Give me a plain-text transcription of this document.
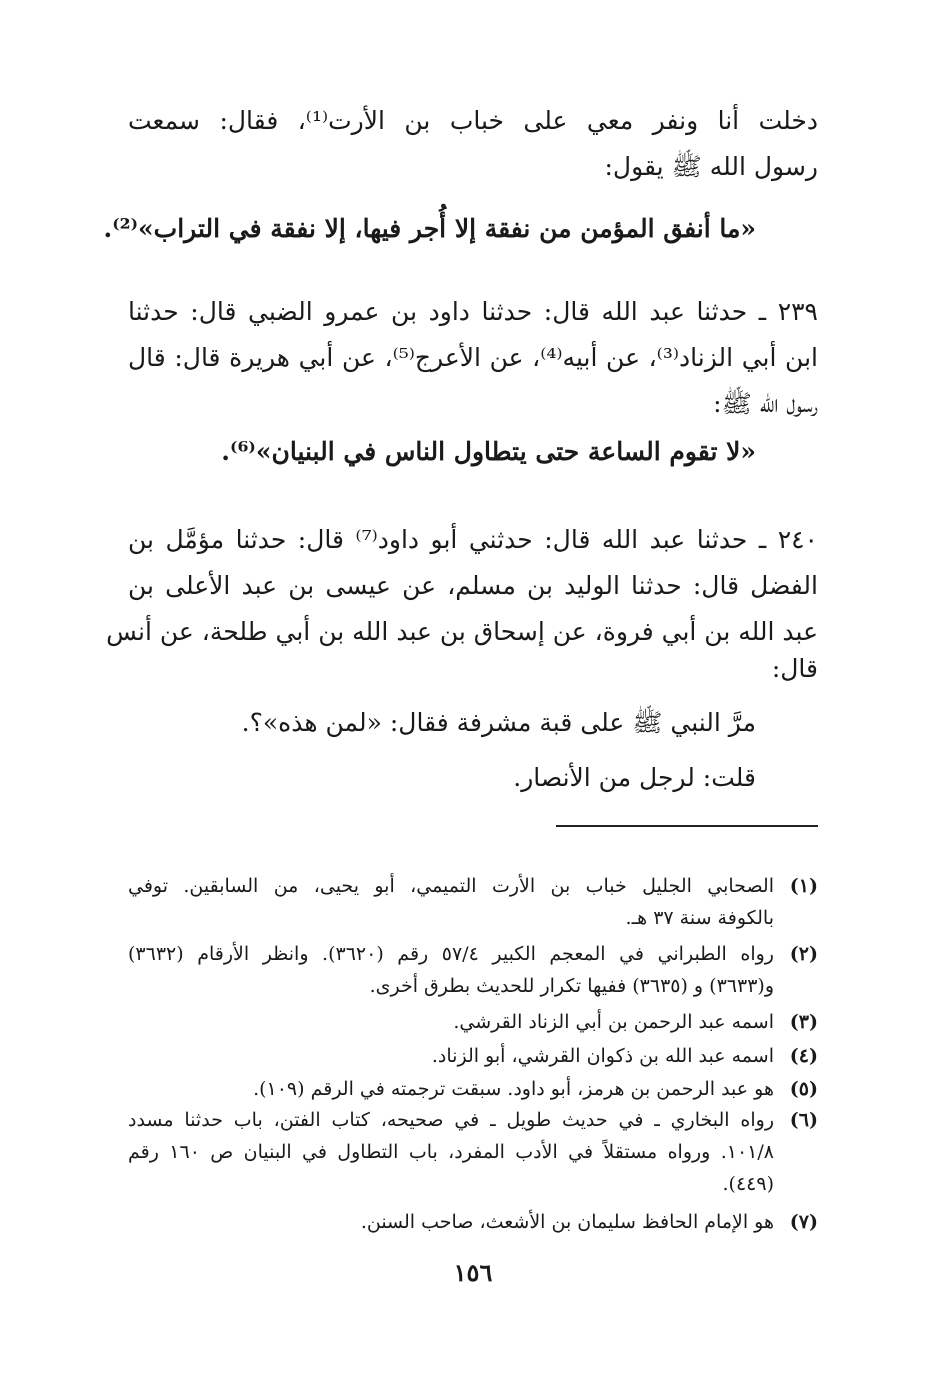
دخلت أنا ونفر معي على خباب بن الأرت⁽¹⁾، فقال: سمعت
رسول الله ﷺ يقول:
«ما أنفق المؤمن من نفقة إلا أُجر فيها، إلا نفقة في التراب»⁽²⁾.
٢٣٩ ـ حدثنا عبد الله قال: حدثنا داود بن عمرو الضبي قال: حدثنا
ابن أبي الزناد⁽³⁾، عن أبيه⁽⁴⁾، عن الأعرج⁽⁵⁾، عن أبي هريرة قال: قال
رسول الله ﷺ:
«لا تقوم الساعة حتى يتطاول الناس في البنيان»⁽⁶⁾.
٢٤٠ ـ حدثنا عبد الله قال: حدثني أبو داود⁽⁷⁾ قال: حدثنا مؤمَّل بن
الفضل قال: حدثنا الوليد بن مسلم، عن عيسى بن عبد الأعلى بن
عبد الله بن أبي فروة، عن إسحاق بن عبد الله بن أبي طلحة، عن أنس
قال:
مرَّ النبي ﷺ على قبة مشرفة فقال: «لمن هذه»؟.
قلت: لرجل من الأنصار.
(١)
الصحابي الجليل خباب بن الأرت التميمي، أبو يحيى، من السابقين. توفي
بالكوفة سنة ٣٧ هـ.
(٢)
رواه الطبراني في المعجم الكبير ٥٧/٤ رقم (٣٦٢٠). وانظر الأرقام (٣٦٣٢)
و(٣٦٣٣) و (٣٦٣٥) ففيها تكرار للحديث بطرق أخرى.
(٣)
اسمه عبد الرحمن بن أبي الزناد القرشي.
(٤)
اسمه عبد الله بن ذكوان القرشي، أبو الزناد.
(٥)
هو عبد الرحمن بن هرمز، أبو داود. سبقت ترجمته في الرقم (١٠٩).
(٦)
رواه البخاري ـ في حديث طويل ـ في صحيحه، كتاب الفتن، باب حدثنا مسدد
١٠١/٨. ورواه مستقلاً في الأدب المفرد، باب التطاول في البنيان ص ١٦٠ رقم
(٤٤٩).
(٧)
هو الإمام الحافظ سليمان بن الأشعث، صاحب السنن.
١٥٦
